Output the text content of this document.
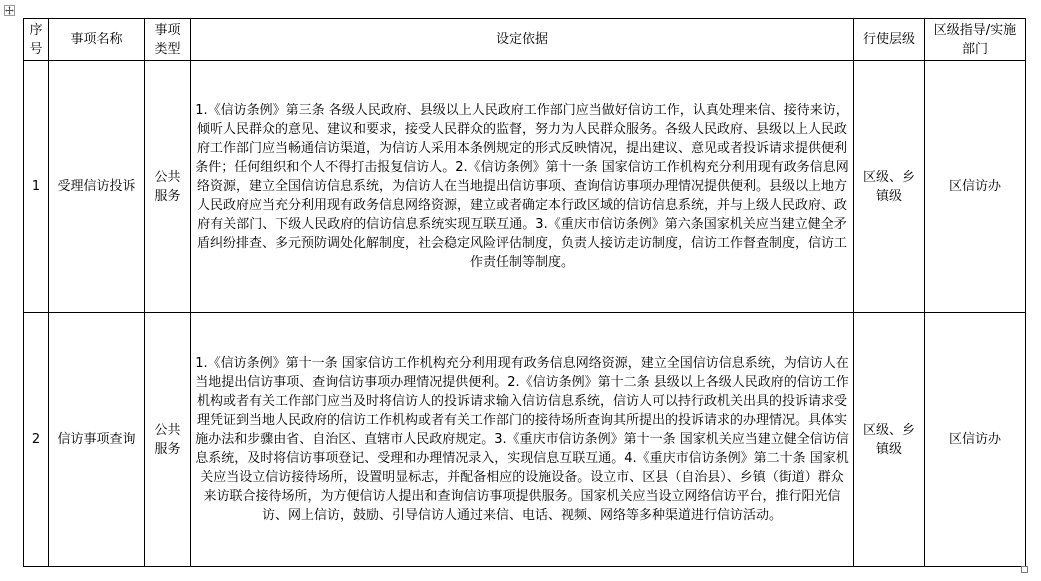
序号	事项名称	事项类型	设定依据	行使层级	区级指导/实施部门
1	受理信访投诉	公共服务	1.《信访条例》第三条 各级人民政府、县级以上人民政府工作部门应当做好信访工作，认真处理来信、接待来访，倾听人民群众的意见、建议和要求，接受人民群众的监督，努力为人民群众服务。各级人民政府、县级以上人民政府工作部门应当畅通信访渠道，为信访人采用本条例规定的形式反映情况，提出建议、意见或者投诉请求提供便利条件；任何组织和个人不得打击报复信访人。2.《信访条例》第十一条 国家信访工作机构充分利用现有政务信息网络资源，建立全国信访信息系统，为信访人在当地提出信访事项、查询信访事项办理情况提供便利。县级以上地方人民政府应当充分利用现有政务信息网络资源，建立或者确定本行政区域的信访信息系统，并与上级人民政府、政府有关部门、下级人民政府的信访信息系统实现互联互通。3.《重庆市信访条例》第六条国家机关应当建立健全矛盾纠纷排查、多元预防调处化解制度，社会稳定风险评估制度，负责人接访走访制度，信访工作督查制度，信访工作责任制等制度。	区级、乡镇级	区信访办
2	信访事项查询	公共服务	1.《信访条例》第十一条 国家信访工作机构充分利用现有政务信息网络资源，建立全国信访信息系统，为信访人在当地提出信访事项、查询信访事项办理情况提供便利。2.《信访条例》第十二条 县级以上各级人民政府的信访工作机构或者有关工作部门应当及时将信访人的投诉请求输入信访信息系统，信访人可以持行政机关出具的投诉请求受理凭证到当地人民政府的信访工作机构或者有关工作部门的接待场所查询其所提出的投诉请求的办理情况。具体实施办法和步骤由省、自治区、直辖市人民政府规定。3.《重庆市信访条例》第十一条 国家机关应当建立健全信访信息系统，及时将信访事项登记、受理和办理情况录入，实现信息互联互通。4.《重庆市信访条例》第二十条 国家机关应当设立信访接待场所，设置明显标志，并配备相应的设施设备。设立市、区县（自治县）、乡镇（街道）群众来访联合接待场所，为方便信访人提出和查询信访事项提供服务。国家机关应当设立网络信访平台，推行阳光信访、网上信访，鼓励、引导信访人通过来信、电话、视频、网络等多种渠道进行信访活动。	区级、乡镇级	区信访办
